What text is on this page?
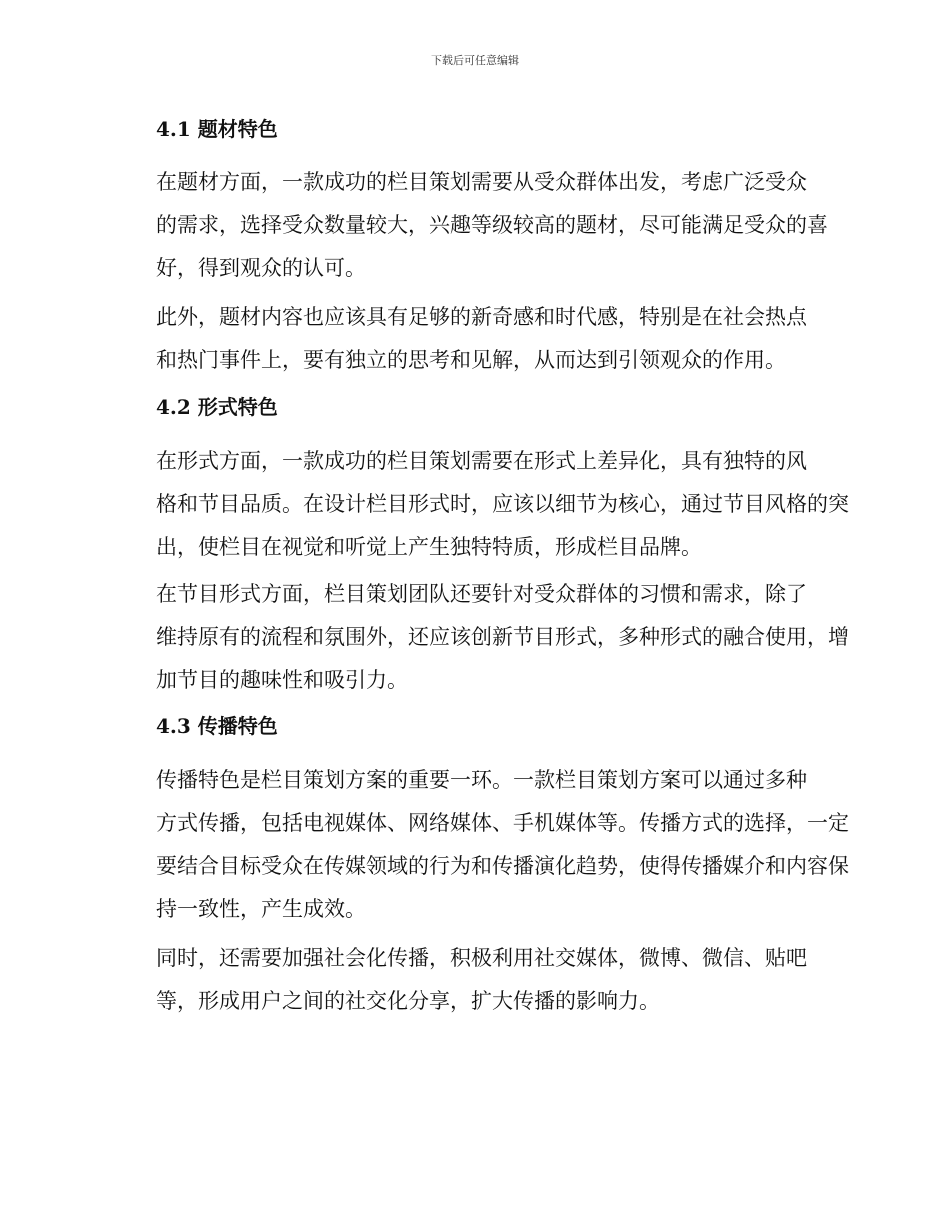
下载后可任意编辑
4.1 题材特色

在题材方面，一款成功的栏目策划需要从受众群体出发，考虑广泛受众
的需求，选择受众数量较大，兴趣等级较高的题材，尽可能满足受众的喜
好，得到观众的认可。

此外，题材内容也应该具有足够的新奇感和时代感，特别是在社会热点
和热门事件上，要有独立的思考和见解，从而达到引领观众的作用。

4.2 形式特色

在形式方面，一款成功的栏目策划需要在形式上差异化，具有独特的风
格和节目品质。在设计栏目形式时，应该以细节为核心，通过节目风格的突
出，使栏目在视觉和听觉上产生独特特质，形成栏目品牌。

在节目形式方面，栏目策划团队还要针对受众群体的习惯和需求，除了
维持原有的流程和氛围外，还应该创新节目形式，多种形式的融合使用，增
加节目的趣味性和吸引力。

4.3 传播特色

传播特色是栏目策划方案的重要一环。一款栏目策划方案可以通过多种
方式传播，包括电视媒体、网络媒体、手机媒体等。传播方式的选择，一定
要结合目标受众在传媒领域的行为和传播演化趋势，使得传播媒介和内容保
持一致性，产生成效。

同时，还需要加强社会化传播，积极利用社交媒体，微博、微信、贴吧
等，形成用户之间的社交化分享，扩大传播的影响力。
